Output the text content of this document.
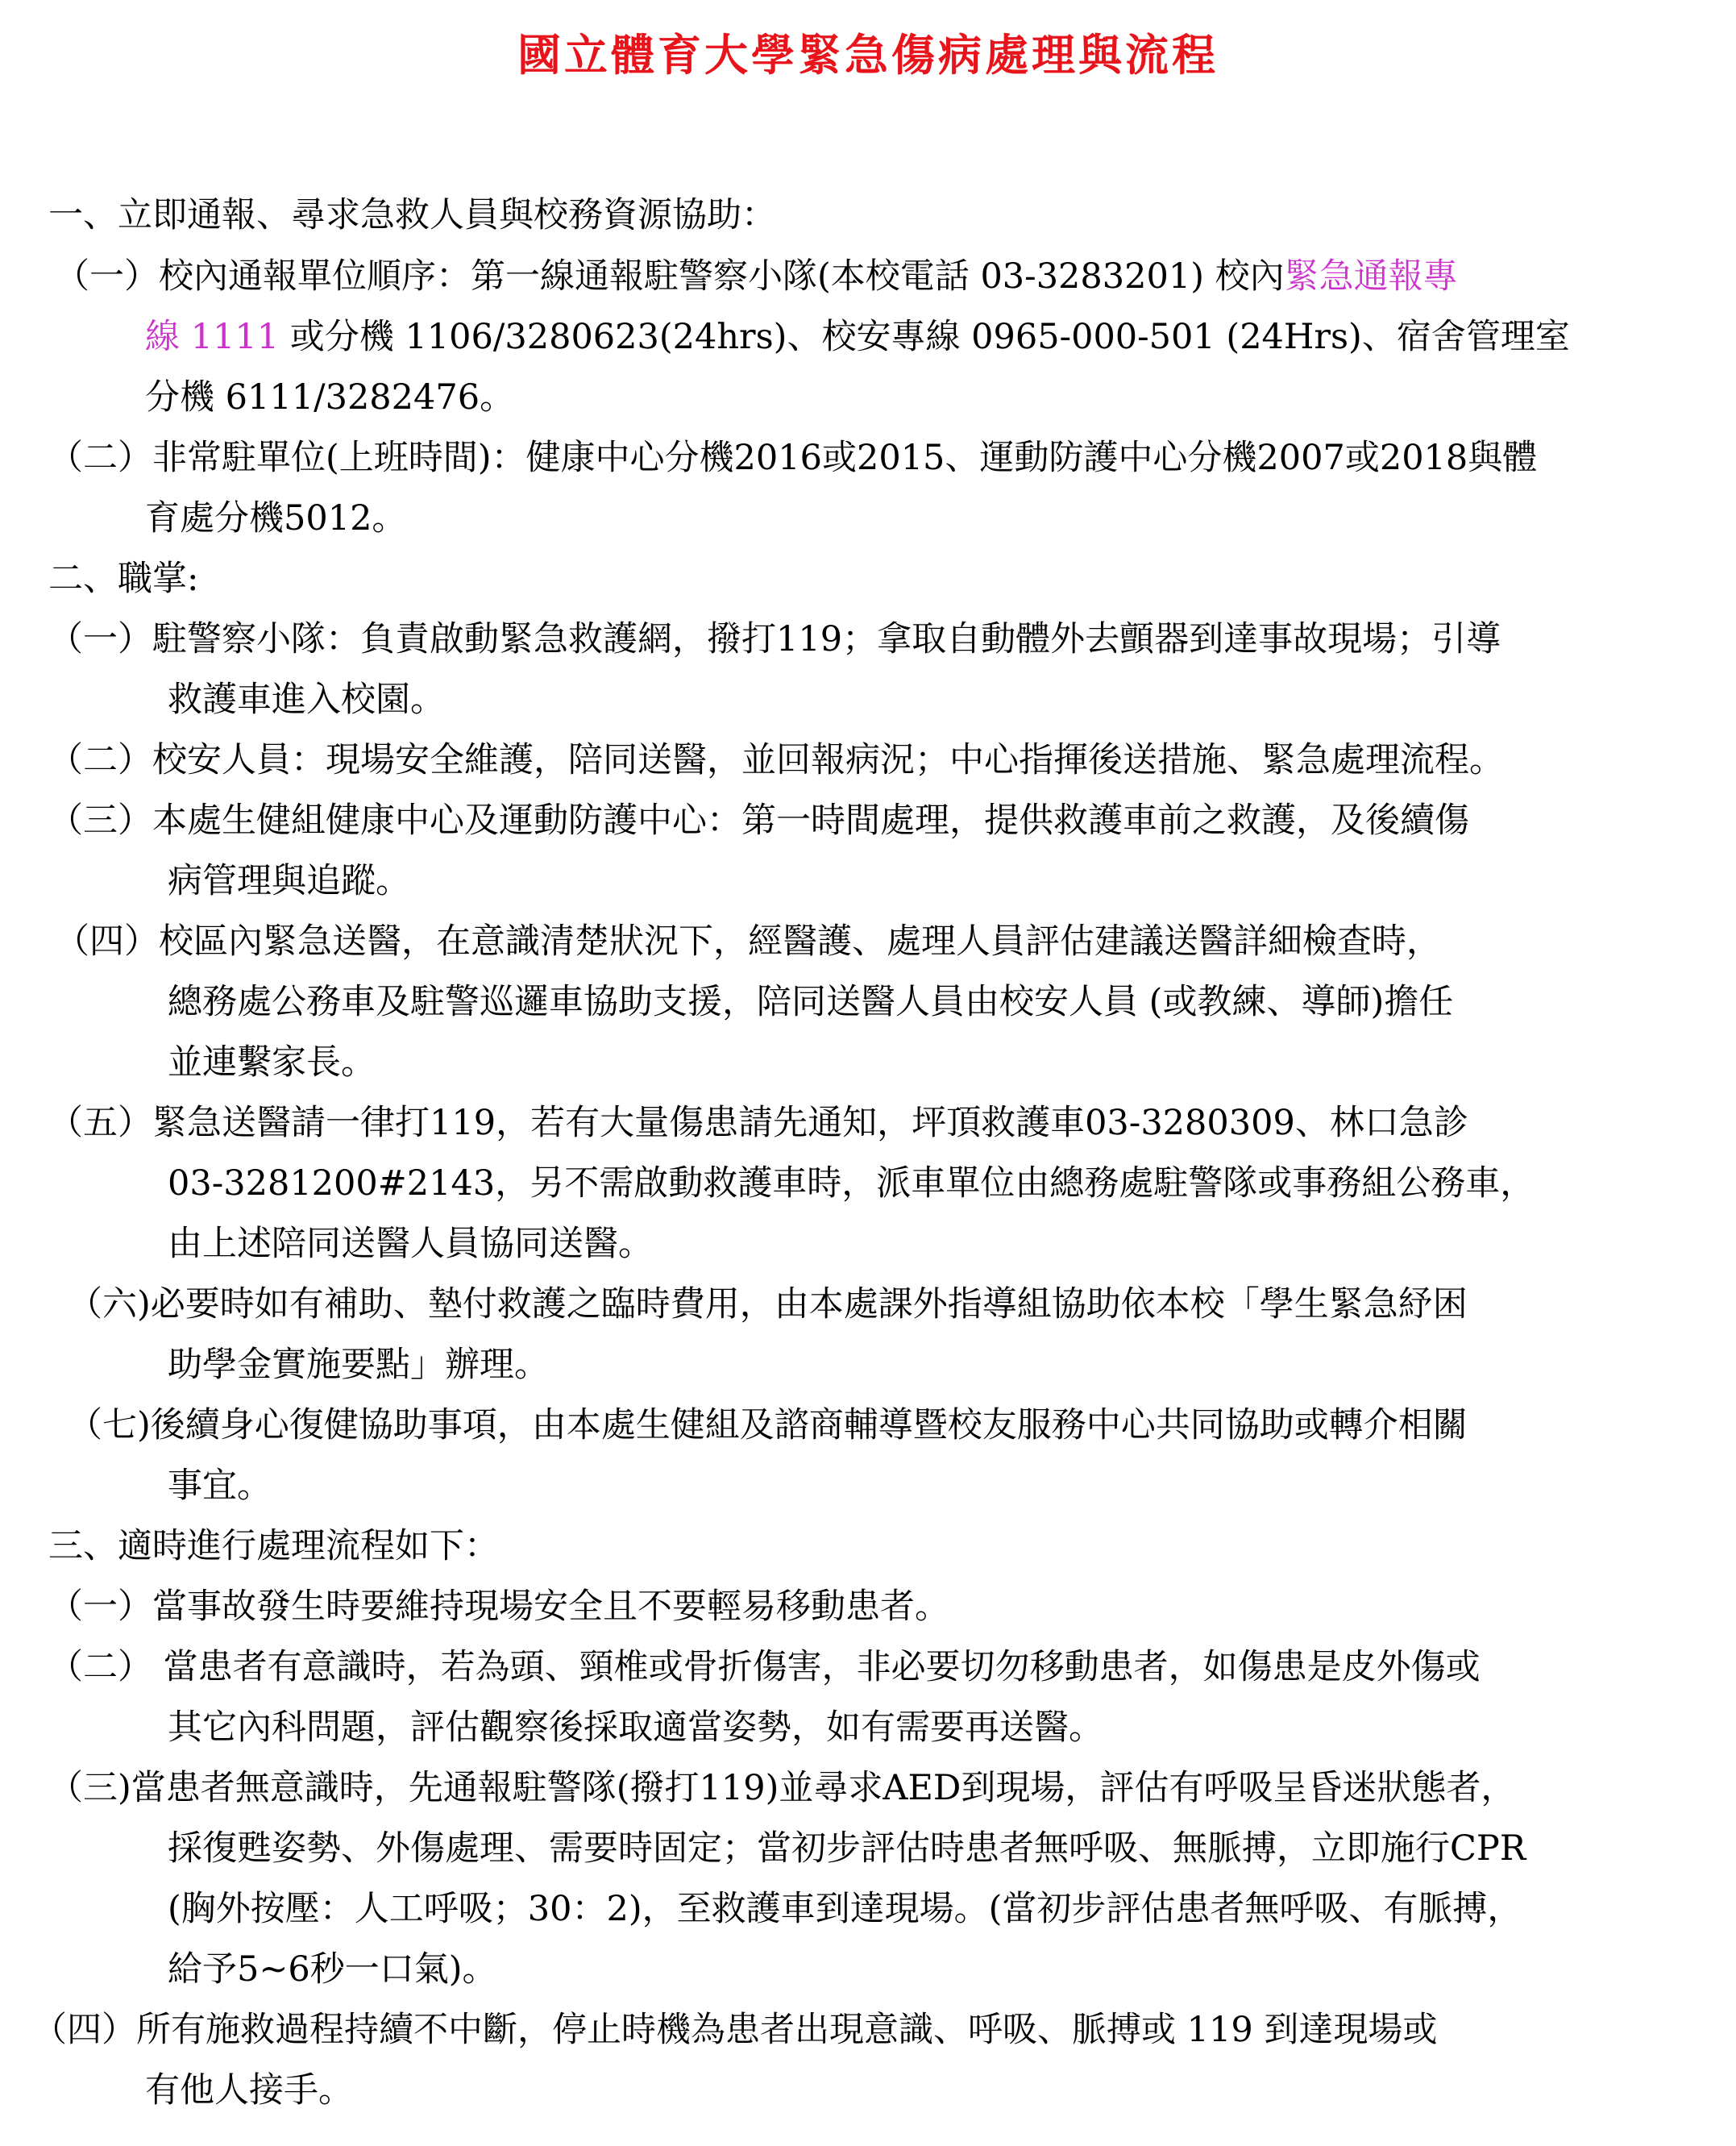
國立體育大學緊急傷病處理與流程
一、立即通報、尋求急救人員與校務資源協助：
（一）校內通報單位順序：第一線通報駐警察小隊(本校電話 03-3283201) 校內緊急通報專
線 1111 或分機 1106/3280623(24hrs)、校安專線 0965-000-501 (24Hrs)、宿舍管理室
分機 6111/3282476。
（二）非常駐單位(上班時間)：健康中心分機2016或2015、運動防護中心分機2007或2018與體
育處分機5012。
二、職掌:
（一）駐警察小隊：負責啟動緊急救護網，撥打119；拿取自動體外去顫器到達事故現場；引導
救護車進入校園。
（二）校安人員：現場安全維護，陪同送醫，並回報病況；中心指揮後送措施、緊急處理流程。
（三）本處生健組健康中心及運動防護中心：第一時間處理，提供救護車前之救護，及後續傷
病管理與追蹤。
（四）校區內緊急送醫，在意識清楚狀況下，經醫護、處理人員評估建議送醫詳細檢查時，
總務處公務車及駐警巡邏車協助支援，陪同送醫人員由校安人員 (或教練、導師)擔任
並連繫家長。
（五）緊急送醫請一律打119，若有大量傷患請先通知，坪頂救護車03-3280309、林口急診
03-3281200#2143，另不需啟動救護車時，派車單位由總務處駐警隊或事務組公務車，
由上述陪同送醫人員協同送醫。
（六)必要時如有補助、墊付救護之臨時費用，由本處課外指導組協助依本校「學生緊急紓困
助學金實施要點」辦理。
（七)後續身心復健協助事項，由本處生健組及諮商輔導暨校友服務中心共同協助或轉介相關
事宜。
三、適時進行處理流程如下：
（一）當事故發生時要維持現場安全且不要輕易移動患者。
（二） 當患者有意識時，若為頭、頸椎或骨折傷害，非必要切勿移動患者，如傷患是皮外傷或
其它內科問題，評估觀察後採取適當姿勢，如有需要再送醫。
（三)當患者無意識時，先通報駐警隊(撥打119)並尋求AED到現場，評估有呼吸呈昏迷狀態者，
採復甦姿勢、外傷處理、需要時固定；當初步評估時患者無呼吸、無脈搏，立即施行CPR
(胸外按壓：人工呼吸；30：2)，至救護車到達現場。(當初步評估患者無呼吸、有脈搏，
給予5~6秒一口氣)。
（四）所有施救過程持續不中斷，停止時機為患者出現意識、呼吸、脈搏或 119 到達現場或
有他人接手。
